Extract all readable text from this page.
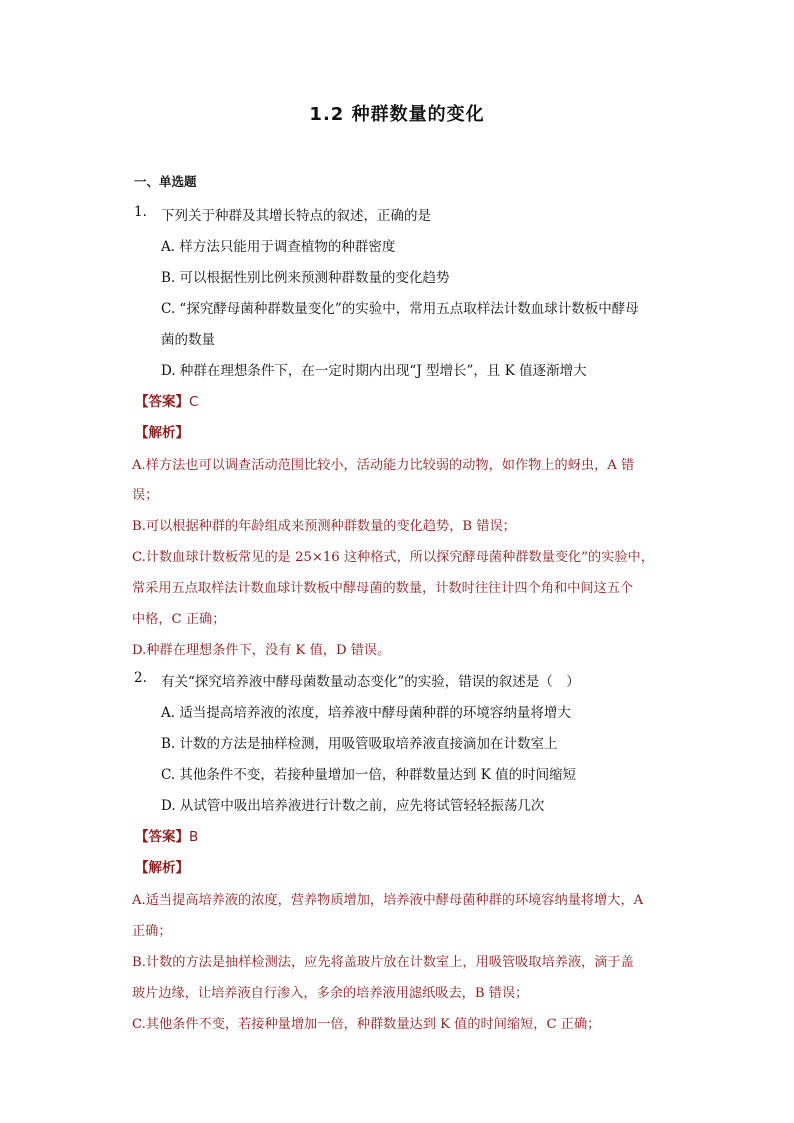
1.2 种群数量的变化
一、单选题
1. 下列关于种群及其增长特点的叙述，正确的是
A. 样方法只能用于调查植物的种群密度
B. 可以根据性别比例来预测种群数量的变化趋势
C. “探究酵母菌种群数量变化”的实验中，常用五点取样法计数血球计数板中酵母
菌的数量
D. 种群在理想条件下，在一定时期内出现“J 型增长”，且 K 值逐渐增大
【答案】C
【解析】
A.样方法也可以调查活动范围比较小，活动能力比较弱的动物，如作物上的蚜虫，A 错
误；
B.可以根据种群的年龄组成来预测种群数量的变化趋势，B 错误；
C.计数血球计数板常见的是 25×16 这种格式，所以探究酵母菌种群数量变化”的实验中，
常采用五点取样法计数血球计数板中酵母菌的数量，计数时往往计四个角和中间这五个
中格，C 正确；
D.种群在理想条件下，没有 K 值，D 错误。
2. 有关“探究培养液中酵母菌数量动态变化”的实验，错误的叙述是（　）
A. 适当提高培养液的浓度，培养液中酵母菌种群的环境容纳量将增大
B. 计数的方法是抽样检测，用吸管吸取培养液直接滴加在计数室上
C. 其他条件不变，若接种量增加一倍，种群数量达到 K 值的时间缩短
D. 从试管中吸出培养液进行计数之前，应先将试管轻轻振荡几次
【答案】B
【解析】
A.适当提高培养液的浓度，营养物质增加，培养液中酵母菌种群的环境容纳量将增大，A
正确；
B.计数的方法是抽样检测法，应先将盖玻片放在计数室上，用吸管吸取培养液，滴于盖
玻片边缘，让培养液自行渗入，多余的培养液用滤纸吸去，B 错误；
C.其他条件不变，若接种量增加一倍，种群数量达到 K 值的时间缩短，C 正确；
